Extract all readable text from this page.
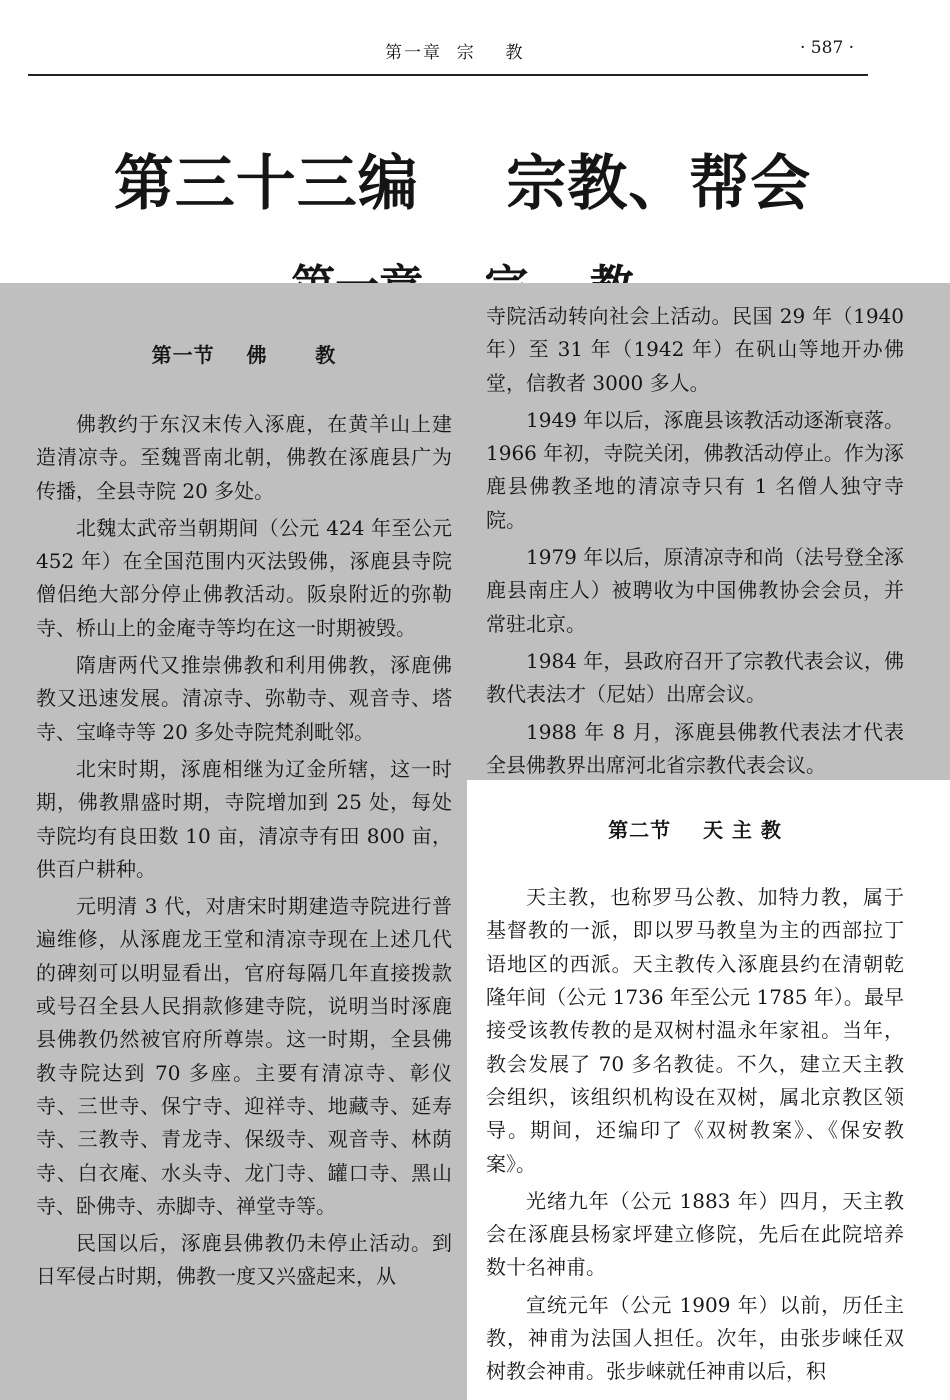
第一章  宗    教	· 587 ·
第三十三编    宗教、帮会
第一节    佛      教

佛教约于东汉末传入涿鹿，在黄羊山上建造清凉寺。至魏晋南北朝，佛教在涿鹿县广为传播，全县寺院 20 多处。

北魏太武帝当朝期间（公元 424 年至公元 452 年）在全国范围内灭法毁佛，涿鹿县寺院僧侣绝大部分停止佛教活动。阪泉附近的弥勒寺、桥山上的金庵寺等均在这一时期被毁。

隋唐两代又推崇佛教和利用佛教，涿鹿佛教又迅速发展。清凉寺、弥勒寺、观音寺、塔寺、宝峰寺等 20 多处寺院梵刹毗邻。

北宋时期，涿鹿相继为辽金所辖，这一时期，佛教鼎盛时期，寺院增加到 25 处，每处寺院均有良田数 10 亩，清凉寺有田 800 亩，供百户耕种。

元明清 3 代，对唐宋时期建造寺院进行普遍维修，从涿鹿龙王堂和清凉寺现在上述几代的碑刻可以明显看出，官府每隔几年直接拨款或号召全县人民捐款修建寺院，说明当时涿鹿县佛教仍然被官府所尊崇。这一时期，全县佛教寺院达到 70 多座。主要有清凉寺、彰仪寺、三世寺、保宁寺、迎祥寺、地藏寺、延寿寺、三教寺、青龙寺、保级寺、观音寺、林荫寺、白衣庵、水头寺、龙门寺、罐口寺、黑山寺、卧佛寺、赤脚寺、禅堂寺等。

民国以后，涿鹿县佛教仍未停止活动。到日军侵占时期，佛教一度又兴盛起来，从

寺院活动转向社会上活动。民国 29 年（1940 年）至 31 年（1942 年）在矾山等地开办佛堂，信教者 3000 多人。

1949 年以后，涿鹿县该教活动逐渐衰落。1966 年初，寺院关闭，佛教活动停止。作为涿鹿县佛教圣地的清凉寺只有 1 名僧人独守寺院。

1979 年以后，原清凉寺和尚（法号登全涿鹿县南庄人）被聘收为中国佛教协会会员，并常驻北京。

1984 年，县政府召开了宗教代表会议，佛教代表法才（尼姑）出席会议。

1988 年 8 月，涿鹿县佛教代表法才代表全县佛教界出席河北省宗教代表会议。

第二节    天 主 教

天主教，也称罗马公教、加特力教，属于基督教的一派，即以罗马教皇为主的西部拉丁语地区的西派。天主教传入涿鹿县约在清朝乾隆年间（公元 1736 年至公元 1785 年）。最早接受该教传教的是双树村温永年家祖。当年，教会发展了 70 多名教徒。不久，建立天主教会组织，该组织机构设在双树，属北京教区领导。期间，还编印了《双树教案》、《保安教案》。

光绪九年（公元 1883 年）四月，天主教会在涿鹿县杨家坪建立修院，先后在此院培养数十名神甫。

宣统元年（公元 1909 年）以前，历任主教，神甫为法国人担任。次年，由张步崃任双树教会神甫。张步崃就任神甫以后，积
